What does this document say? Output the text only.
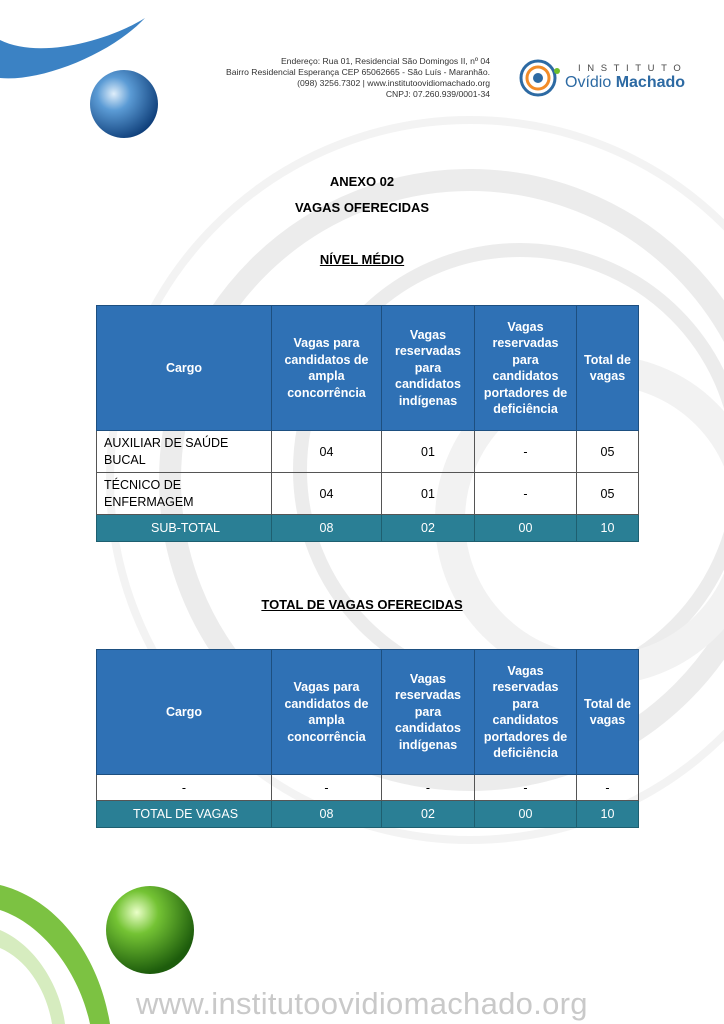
Endereço: Rua 01, Residencial São Domingos II, nº 04
Bairro Residencial Esperança CEP 65062665 - São Luís - Maranhão.
(098) 3256.7302 | www.institutoovidiomachado.org
CNPJ: 07.260.939/0001-34
INSTITUTO
Ovídio Machado
ANEXO 02
VAGAS OFERECIDAS
NÍVEL MÉDIO
Cargo	Vagas para candidatos de ampla concorrência	Vagas reservadas para candidatos indígenas	Vagas reservadas para candidatos portadores de deficiência	Total de vagas
AUXILIAR DE SAÚDE BUCAL	04	01	-	05
TÉCNICO DE ENFERMAGEM	04	01	-	05
SUB-TOTAL	08	02	00	10
TOTAL DE VAGAS OFERECIDAS
Cargo	Vagas para candidatos de ampla concorrência	Vagas reservadas para candidatos indígenas	Vagas reservadas para candidatos portadores de deficiência	Total de vagas
-	-	-	-	-
TOTAL DE VAGAS	08	02	00	10
www.institutoovidiomachado.org
